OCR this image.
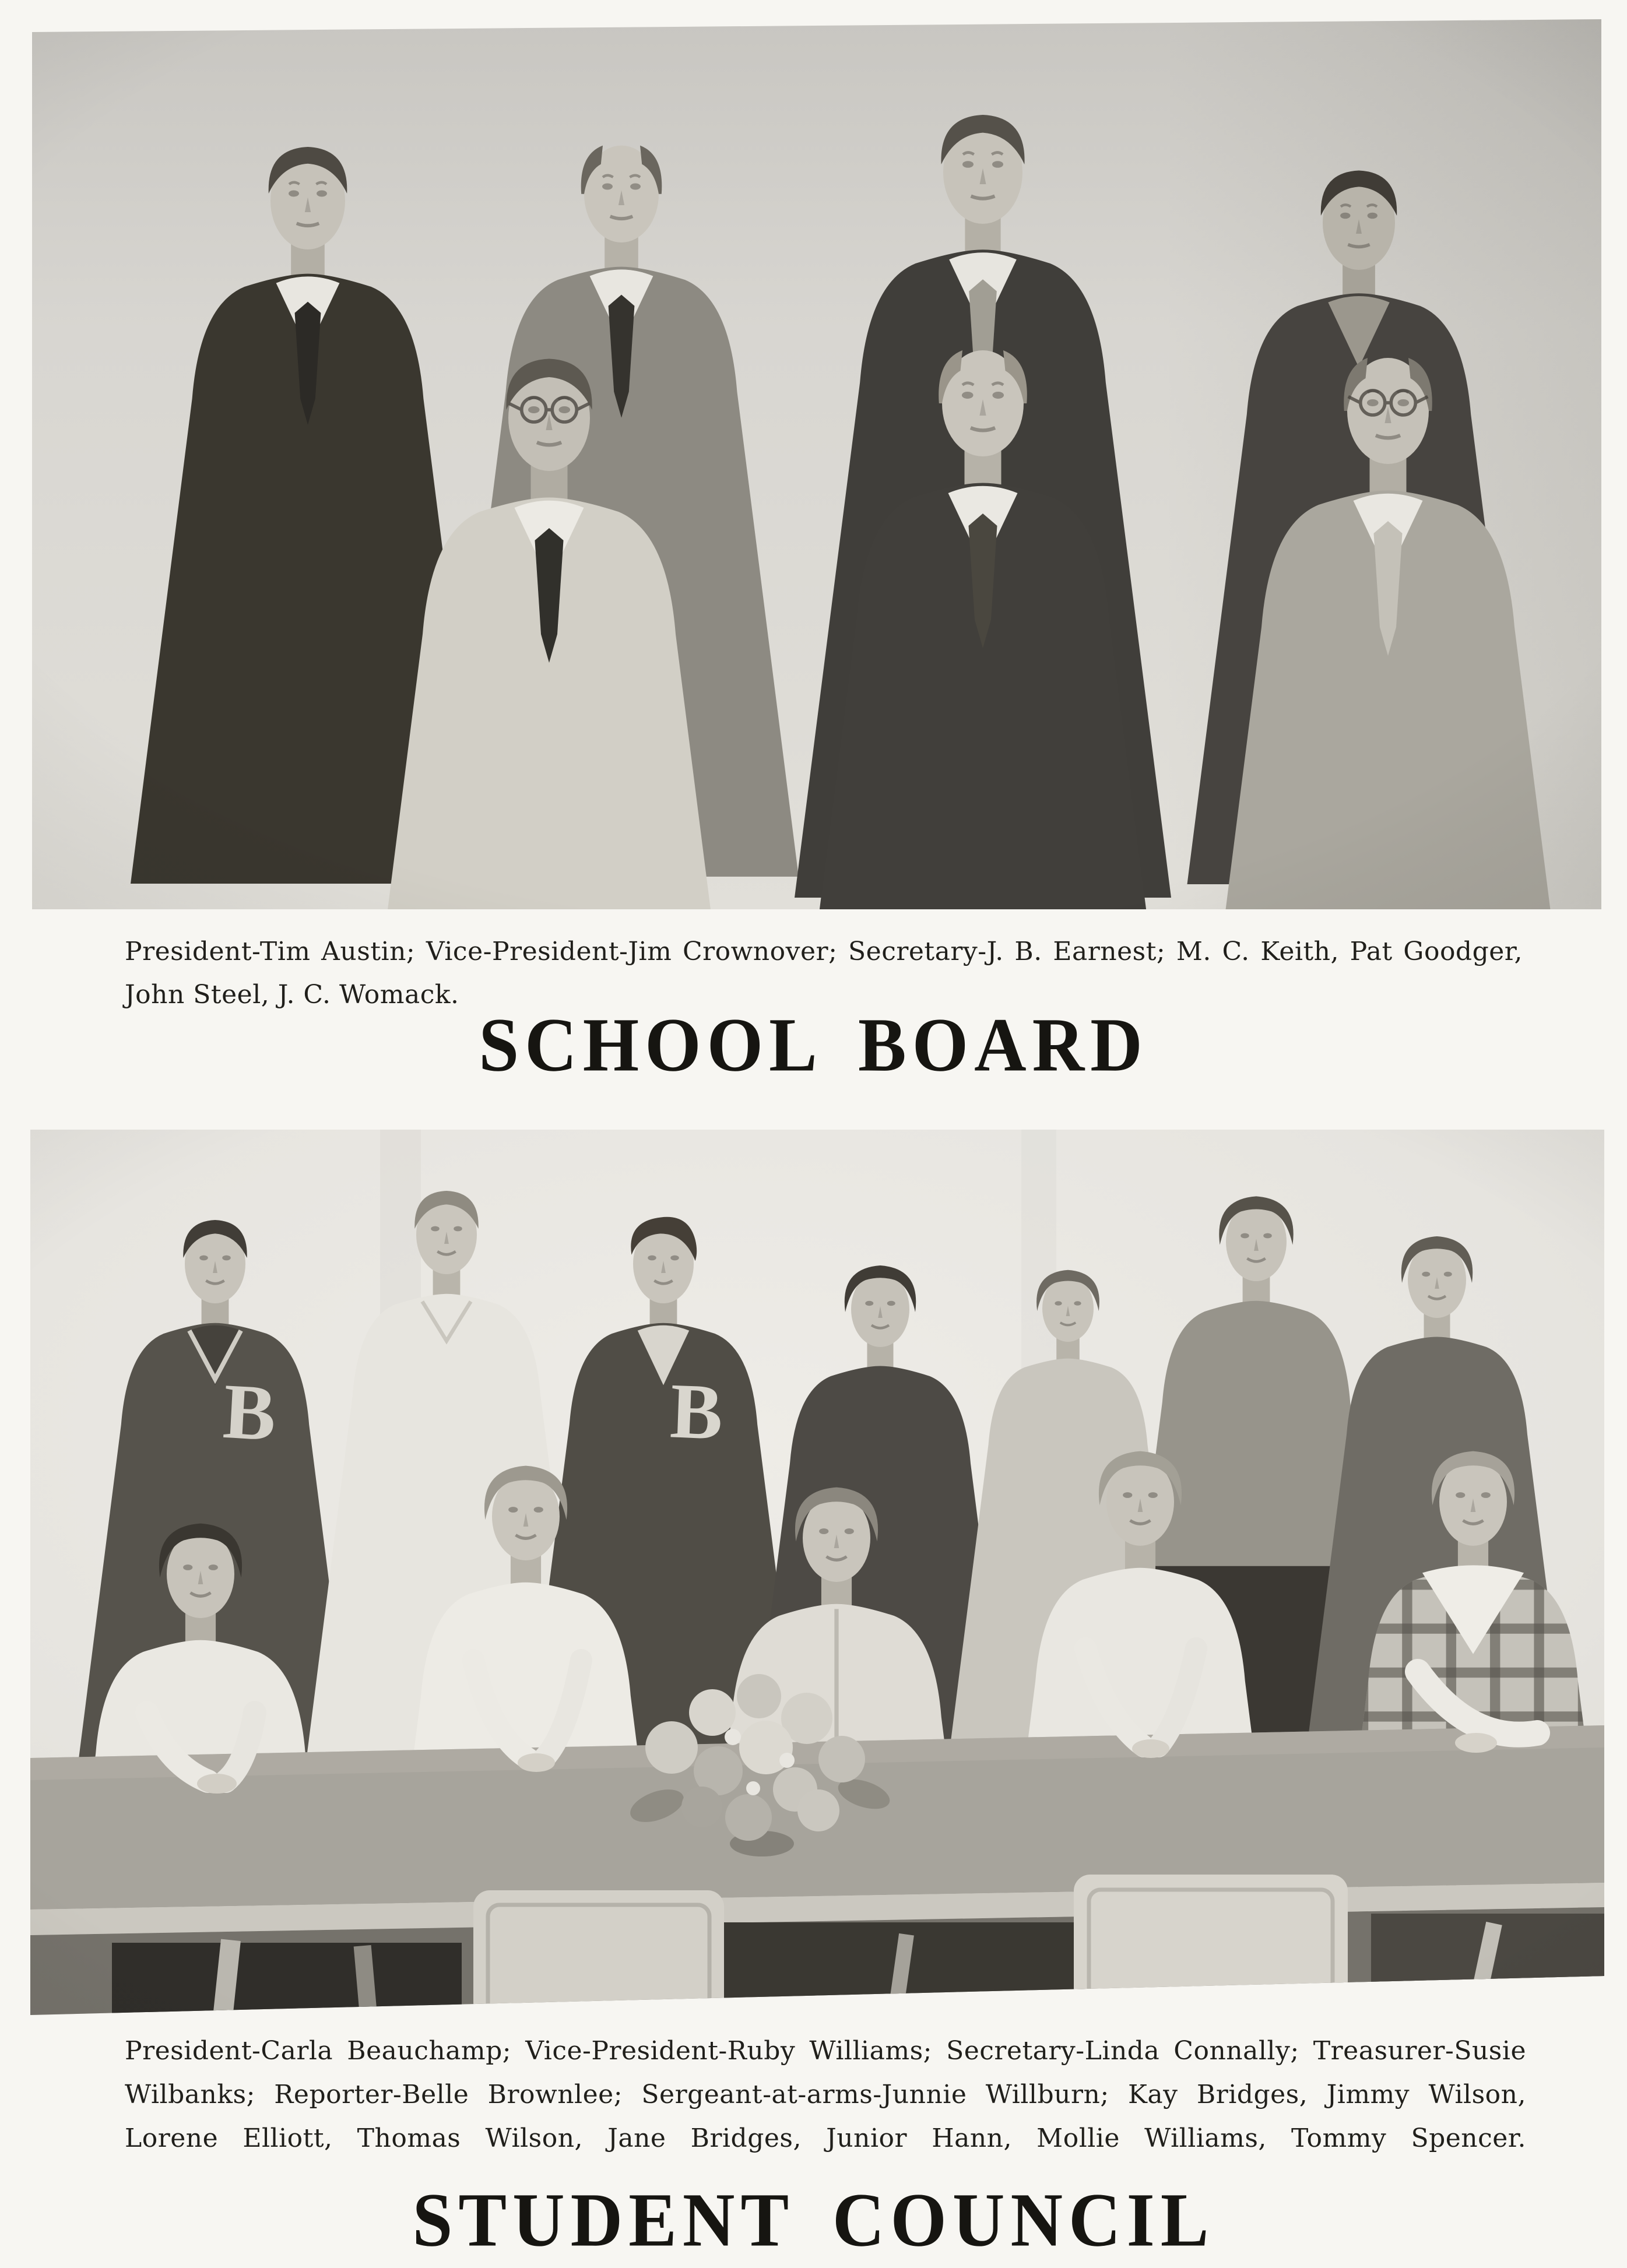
President-Tim Austin; Vice-President-Jim Crownover; Secretary-J. B. Earnest; M. C. Keith, Pat Goodger,
John Steel, J. C. Womack.
SCHOOL BOARD
President-Carla Beauchamp; Vice-President-Ruby Williams; Secretary-Linda Connally; Treasurer-Susie
Wilbanks; Reporter-Belle Brownlee; Sergeant-at-arms-Junnie Willburn; Kay Bridges, Jimmy Wilson,
Lorene Elliott, Thomas Wilson, Jane Bridges, Junior Hann, Mollie Williams, Tommy Spencer.
STUDENT COUNCIL
